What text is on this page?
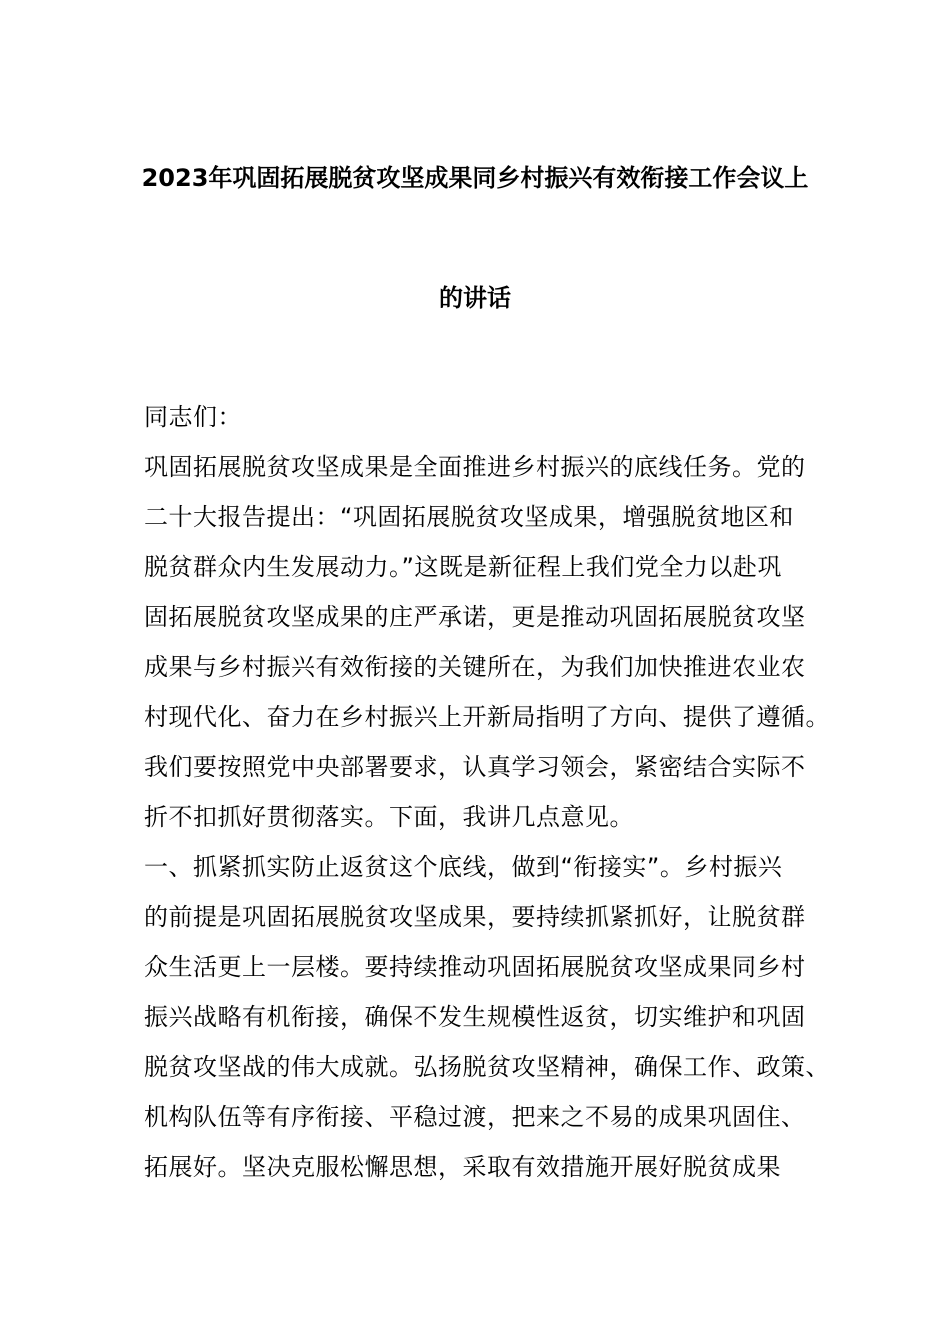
2023年巩固拓展脱贫攻坚成果同乡村振兴有效衔接工作会议上
的讲话
同志们：
巩固拓展脱贫攻坚成果是全面推进乡村振兴的底线任务。党的
二十大报告提出：“巩固拓展脱贫攻坚成果，增强脱贫地区和
脱贫群众内生发展动力。”这既是新征程上我们党全力以赴巩
固拓展脱贫攻坚成果的庄严承诺，更是推动巩固拓展脱贫攻坚
成果与乡村振兴有效衔接的关键所在，为我们加快推进农业农
村现代化、奋力在乡村振兴上开新局指明了方向、提供了遵循。
我们要按照党中央部署要求，认真学习领会，紧密结合实际不
折不扣抓好贯彻落实。下面，我讲几点意见。
一、抓紧抓实防止返贫这个底线，做到“衔接实”。乡村振兴
的前提是巩固拓展脱贫攻坚成果，要持续抓紧抓好，让脱贫群
众生活更上一层楼。要持续推动巩固拓展脱贫攻坚成果同乡村
振兴战略有机衔接，确保不发生规模性返贫，切实维护和巩固
脱贫攻坚战的伟大成就。弘扬脱贫攻坚精神，确保工作、政策、
机构队伍等有序衔接、平稳过渡，把来之不易的成果巩固住、
拓展好。坚决克服松懈思想，采取有效措施开展好脱贫成果
